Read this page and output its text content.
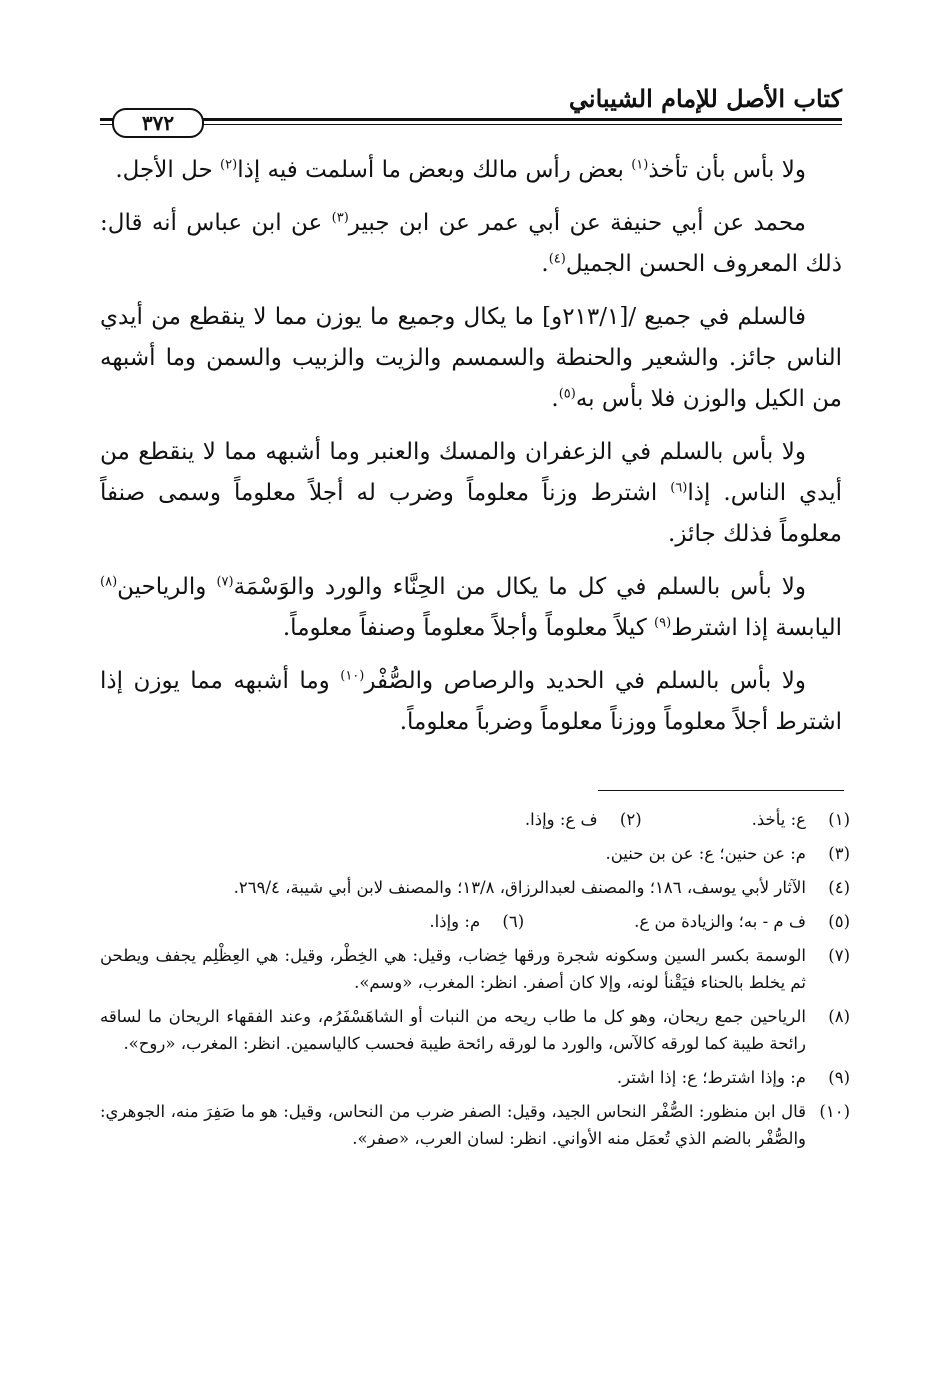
كتاب الأصل للإمام الشيباني
٣٧٢

ولا بأس بأن تأخذ$^{(١)}$ بعض رأس مالك وبعض ما أسلمت فيه إذا$^{(٢)}$ حل الأجل.

محمد عن أبي حنيفة عن أبي عمر عن ابن جبير$^{(٣)}$ عن ابن عباس أنه قال: ذلك المعروف الحسن الجميل$^{(٤)}$.

فالسلم في جميع /[٢١٣/١و] ما يكال وجميع ما يوزن مما لا ينقطع من أيدي الناس جائز. والشعير والحنطة والسمسم والزيت والزبيب والسمن وما أشبهه من الكيل والوزن فلا بأس به$^{(٥)}$.

ولا بأس بالسلم في الزعفران والمسك والعنبر وما أشبهه مما لا ينقطع من أيدي الناس. إذا$^{(٦)}$ اشترط وزناً معلوماً وضرب له أجلاً معلوماً وسمى صنفاً معلوماً فذلك جائز.

ولا بأس بالسلم في كل ما يكال من الحِنَّاء والورد والوَسْمَة$^{(٧)}$ والرياحين$^{(٨)}$ اليابسة إذا اشترط$^{(٩)}$ كيلاً معلوماً وأجلاً معلوماً وصنفاً معلوماً.

ولا بأس بالسلم في الحديد والرصاص والصُّفْر$^{(١٠)}$ وما أشبهه مما يوزن إذا اشترط أجلاً معلوماً ووزناً معلوماً وضرباً معلوماً.

(١)
ع: يأخذ.
(٢)
ف ع: وإذا.
(٣)
م: عن حنين؛ ع: عن بن حنين.
(٤)
الآثار لأبي يوسف، ١٨٦؛ والمصنف لعبدالرزاق، ١٣/٨؛ والمصنف لابن أبي شيبة، ٢٦٩/٤.
(٥)
ف م - به؛ والزيادة من ع.
(٦)
م: وإذا.
(٧)
الوسمة بكسر السين وسكونه شجرة ورقها خِضاب، وقيل: هي الخِطْر، وقيل: هي العِظْلِم يجفف ويطحن ثم يخلط بالحناء فيَقْنأ لونه، وإلا كان أصفر. انظر: المغرب، «وسم».
(٨)
الرياحين جمع ريحان، وهو كل ما طاب ريحه من النبات أو الشاهَسْفَرُم، وعند الفقهاء الريحان ما لساقه رائحة طيبة كما لورقه كالآس، والورد ما لورقه رائحة طيبة فحسب كالياسمين. انظر: المغرب، «روح».
(٩)
م: وإذا اشترط؛ ع: إذا اشتر.
(١٠)
قال ابن منظور: الصُّفْر النحاس الجيد، وقيل: الصفر ضرب من النحاس، وقيل: هو ما صَفِرَ منه، الجوهري: والصُّفْر بالضم الذي تُعمَل منه الأواني. انظر: لسان العرب، «صفر».
